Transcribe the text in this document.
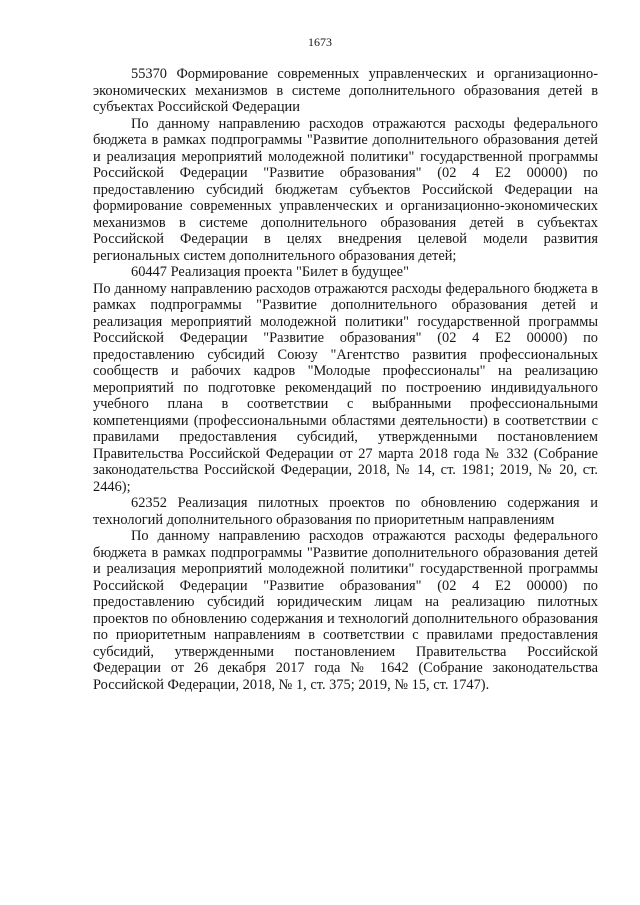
1673

55370 Формирование современных управленческих и организационно-экономических механизмов в системе дополнительного образования детей в субъектах Российской Федерации

По данному направлению расходов отражаются расходы федерального бюджета в рамках подпрограммы "Развитие дополнительного образования детей и реализация мероприятий молодежной политики" государственной программы Российской Федерации "Развитие образования" (02 4 Е2 00000) по предоставлению субсидий бюджетам субъектов Российской Федерации на формирование современных управленческих и организационно-экономических механизмов в системе дополнительного образования детей в субъектах Российской Федерации в целях внедрения целевой модели развития региональных систем дополнительного образования детей;

60447 Реализация проекта "Билет в будущее"

По данному направлению расходов отражаются расходы федерального бюджета в рамках подпрограммы "Развитие дополнительного образования детей и реализация мероприятий молодежной политики" государственной программы Российской Федерации "Развитие образования" (02 4 Е2 00000) по предоставлению субсидий Союзу "Агентство развития профессиональных сообществ и рабочих кадров "Молодые профессионалы" на реализацию мероприятий по подготовке рекомендаций по построению индивидуального учебного плана в соответствии с выбранными профессиональными компетенциями (профессиональными областями деятельности) в соответствии с правилами предоставления субсидий, утвержденными постановлением Правительства Российской Федерации от 27 марта 2018 года № 332 (Собрание законодательства Российской Федерации, 2018, № 14, ст. 1981; 2019, № 20, ст. 2446);

62352 Реализация пилотных проектов по обновлению содержания и технологий дополнительного образования по приоритетным направлениям

По данному направлению расходов отражаются расходы федерального бюджета в рамках подпрограммы "Развитие дополнительного образования детей и реализация мероприятий молодежной политики" государственной программы Российской Федерации "Развитие образования" (02 4 Е2 00000) по предоставлению субсидий юридическим лицам на реализацию пилотных проектов по обновлению содержания и технологий дополнительного образования по приоритетным направлениям в соответствии с правилами предоставления субсидий, утвержденными постановлением Правительства Российской Федерации от 26 декабря 2017 года № 1642 (Собрание законодательства Российской Федерации, 2018, № 1, ст. 375; 2019, № 15, ст. 1747).
